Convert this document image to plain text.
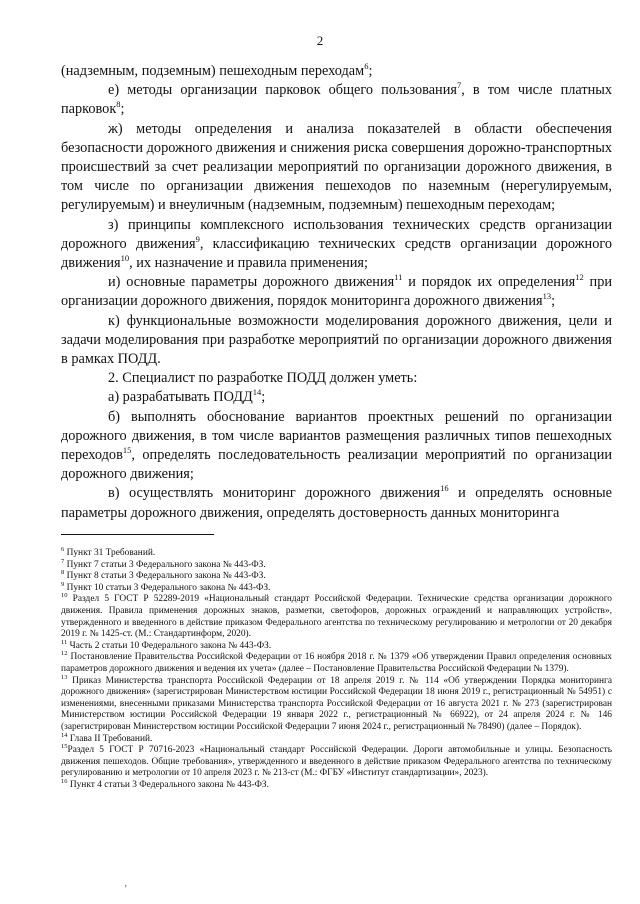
2

(надземным, подземным) пешеходным переходам$^6$;

е) методы организации парковок общего пользования$^7$, в том числе платных парковок$^8$;

ж) методы определения и анализа показателей в области обеспечения безопасности дорожного движения и снижения риска совершения дорожно-транспортных происшествий за счет реализации мероприятий по организации дорожного движения, в том числе по организации движения пешеходов по наземным (нерегулируемым, регулируемым) и внеуличным (надземным, подземным) пешеходным переходам;

з) принципы комплексного использования технических средств организации дорожного движения$^9$, классификацию технических средств организации дорожного движения$^{10}$, их назначение и правила применения;

и) основные параметры дорожного движения$^{11}$ и порядок их определения$^{12}$ при организации дорожного движения, порядок мониторинга дорожного движения$^{13}$;

к) функциональные возможности моделирования дорожного движения, цели и задачи моделирования при разработке мероприятий по организации дорожного движения в рамках ПОДД.

2. Специалист по разработке ПОДД должен уметь:

а) разрабатывать ПОДД$^{14}$;

б) выполнять обоснование вариантов проектных решений по организации дорожного движения, в том числе вариантов размещения различных типов пешеходных переходов$^{15}$, определять последовательность реализации мероприятий по организации дорожного движения;

в) осуществлять мониторинг дорожного движения$^{16}$ и определять основные параметры дорожного движения, определять достоверность данных мониторинга

$^6$ Пункт 31 Требований.

$^7$ Пункт 7 статьи 3 Федерального закона № 443-ФЗ.

$^8$ Пункт 8 статьи 3 Федерального закона № 443-ФЗ.

$^9$ Пункт 10 статьи 3 Федерального закона № 443-ФЗ.

$^{10}$ Раздел 5 ГОСТ Р 52289-2019 «Национальный стандарт Российской Федерации. Технические средства организации дорожного движения. Правила применения дорожных знаков, разметки, светофоров, дорожных ограждений и направляющих устройств», утвержденного и введенного в действие приказом Федерального агентства по техническому регулированию и метрологии от 20 декабря 2019 г. № 1425-ст. (М.: Стандартинформ, 2020).

$^{11}$ Часть 2 статьи 10 Федерального закона № 443-ФЗ.

$^{12}$ Постановление Правительства Российской Федерации от 16 ноября 2018 г. № 1379 «Об утверждении Правил определения основных параметров дорожного движения и ведения их учета» (далее – Постановление Правительства Российской Федерации № 1379).

$^{13}$ Приказ Министерства транспорта Российской Федерации от 18 апреля 2019 г. № 114 «Об утверждении Порядка мониторинга дорожного движения» (зарегистрирован Министерством юстиции Российской Федерации 18 июня 2019 г., регистрационный № 54951) с изменениями, внесенными приказами Министерства транспорта Российской Федерации от 16 августа 2021 г. № 273 (зарегистрирован Министерством юстиции Российской Федерации 19 января 2022 г., регистрационный № 66922), от 24 апреля 2024 г. № 146 (зарегистрирован Министерством юстиции Российской Федерации 7 июня 2024 г., регистрационный № 78490) (далее – Порядок).

$^{14}$ Глава II Требований.

$^{15}$Раздел 5 ГОСТ Р 70716-2023 «Национальный стандарт Российской Федерации. Дороги автомобильные и улицы. Безопасность движения пешеходов. Общие требования», утвержденного и введенного в действие приказом Федерального агентства по техническому регулированию и метрологии от 10 апреля 2023 г. № 213-ст (М.: ФГБУ «Институт стандартизации», 2023).

$^{16}$ Пункт 4 статьи 3 Федерального закона № 443-ФЗ.

‚
